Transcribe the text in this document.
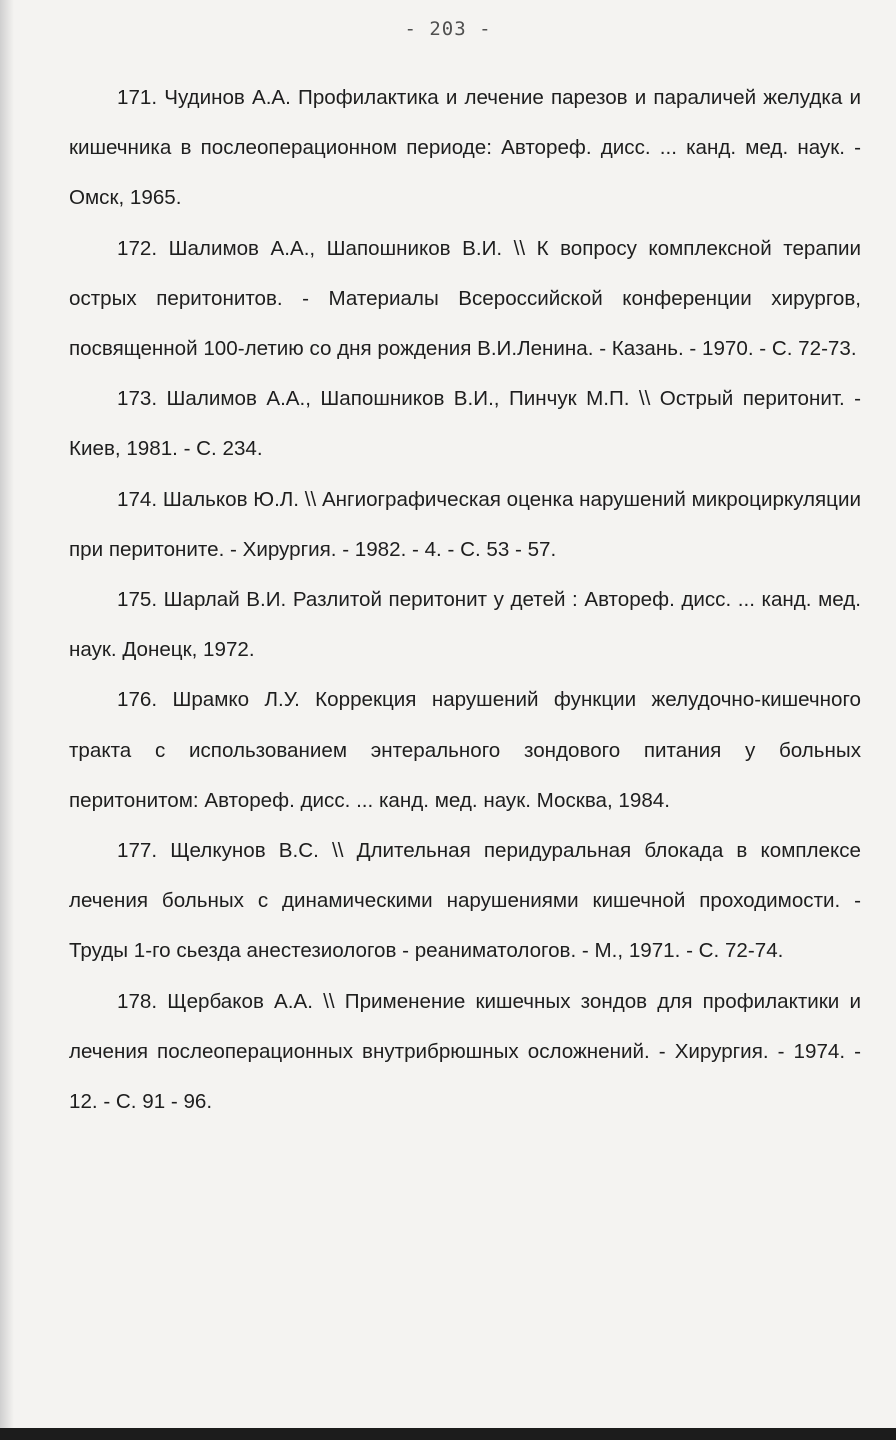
- 203 -
171. Чудинов А.А. Профилактика и лечение парезов и параличей желудка и кишечника в послеоперационном периоде: Автореф. дисс. ... канд. мед. наук. - Омск, 1965.
172. Шалимов А.А., Шапошников В.И. \\ К вопросу комплексной терапии острых перитонитов. - Материалы Всероссийской конференции хирургов, посвященной 100-летию со дня рождения В.И.Ленина. - Казань. - 1970. - С. 72-73.
173. Шалимов А.А., Шапошников В.И., Пинчук М.П. \\ Острый перитонит. - Киев, 1981. - С. 234.
174. Шальков Ю.Л. \\ Ангиографическая оценка нарушений микроциркуляции при перитоните. - Хирургия. - 1982. - 4. - С. 53 - 57.
175. Шарлай В.И. Разлитой перитонит у детей : Автореф. дисс. ... канд. мед. наук. Донецк, 1972.
176. Шрамко Л.У. Коррекция нарушений функции желудочно-кишечного тракта с использованием энтерального зондового питания у больных перитонитом: Автореф. дисс. ... канд. мед. наук. Москва, 1984.
177. Щелкунов В.С. \\ Длительная перидуральная блокада в комплексе лечения больных с динамическими нарушениями кишечной проходимости. - Труды 1-го сьезда анестезиологов - реаниматологов. - М., 1971. - С. 72-74.
178. Щербаков А.А. \\ Применение кишечных зондов для профилактики и лечения послеоперационных внутрибрюшных осложнений. - Хирургия. - 1974. - 12. - С. 91 - 96.
